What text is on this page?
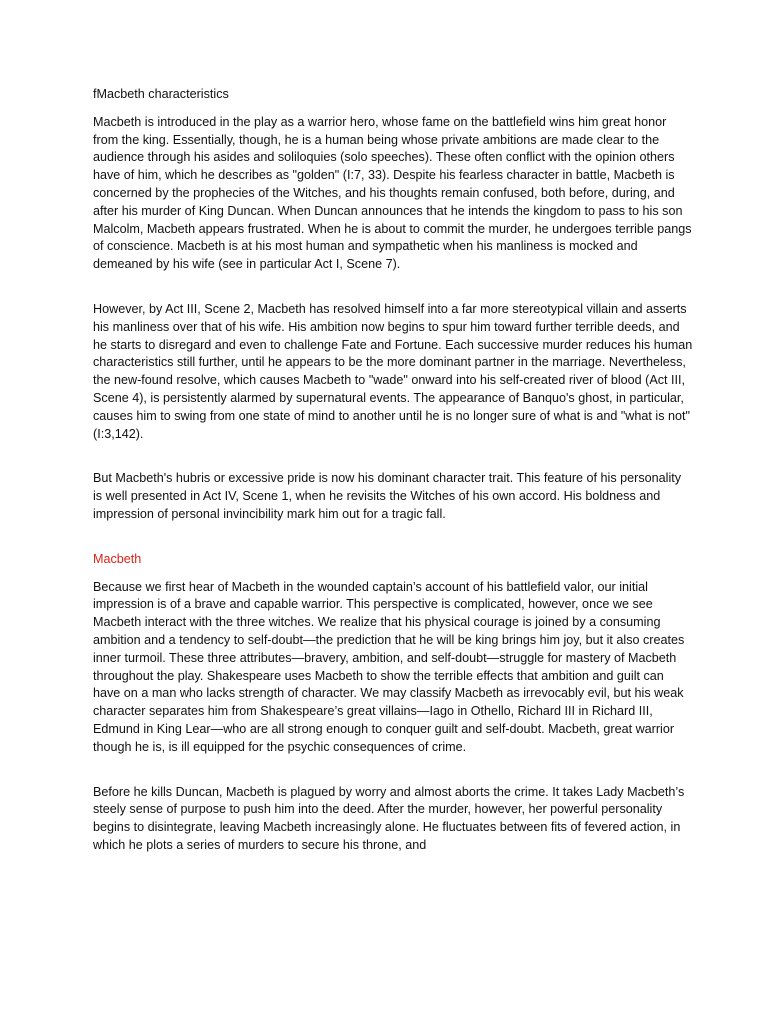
fMacbeth characteristics

Macbeth is introduced in the play as a warrior hero, whose fame on the battlefield wins him great honor from the king. Essentially, though, he is a human being whose private ambitions are made clear to the audience through his asides and soliloquies (solo speeches). These often conflict with the opinion others have of him, which he describes as "golden" (I:7, 33). Despite his fearless character in battle, Macbeth is concerned by the prophecies of the Witches, and his thoughts remain confused, both before, during, and after his murder of King Duncan. When Duncan announces that he intends the kingdom to pass to his son Malcolm, Macbeth appears frustrated. When he is about to commit the murder, he undergoes terrible pangs of conscience. Macbeth is at his most human and sympathetic when his manliness is mocked and demeaned by his wife (see in particular Act I, Scene 7).

However, by Act III, Scene 2, Macbeth has resolved himself into a far more stereotypical villain and asserts his manliness over that of his wife. His ambition now begins to spur him toward further terrible deeds, and he starts to disregard and even to challenge Fate and Fortune. Each successive murder reduces his human characteristics still further, until he appears to be the more dominant partner in the marriage. Nevertheless, the new-found resolve, which causes Macbeth to "wade" onward into his self-created river of blood (Act III, Scene 4), is persistently alarmed by supernatural events. The appearance of Banquo's ghost, in particular, causes him to swing from one state of mind to another until he is no longer sure of what is and "what is not" (I:3,142).

But Macbeth's hubris or excessive pride is now his dominant character trait. This feature of his personality is well presented in Act IV, Scene 1, when he revisits the Witches of his own accord. His boldness and impression of personal invincibility mark him out for a tragic fall.

Macbeth

Because we first hear of Macbeth in the wounded captain’s account of his battlefield valor, our initial impression is of a brave and capable warrior. This perspective is complicated, however, once we see Macbeth interact with the three witches. We realize that his physical courage is joined by a consuming ambition and a tendency to self-doubt—the prediction that he will be king brings him joy, but it also creates inner turmoil. These three attributes—bravery, ambition, and self-doubt—struggle for mastery of Macbeth throughout the play. Shakespeare uses Macbeth to show the terrible effects that ambition and guilt can have on a man who lacks strength of character. We may classify Macbeth as irrevocably evil, but his weak character separates him from Shakespeare’s great villains—Iago in Othello, Richard III in Richard III, Edmund in King Lear—who are all strong enough to conquer guilt and self-doubt. Macbeth, great warrior though he is, is ill equipped for the psychic consequences of crime.

Before he kills Duncan, Macbeth is plagued by worry and almost aborts the crime. It takes Lady Macbeth’s steely sense of purpose to push him into the deed. After the murder, however, her powerful personality begins to disintegrate, leaving Macbeth increasingly alone. He fluctuates between fits of fevered action, in which he plots a series of murders to secure his throne, and
